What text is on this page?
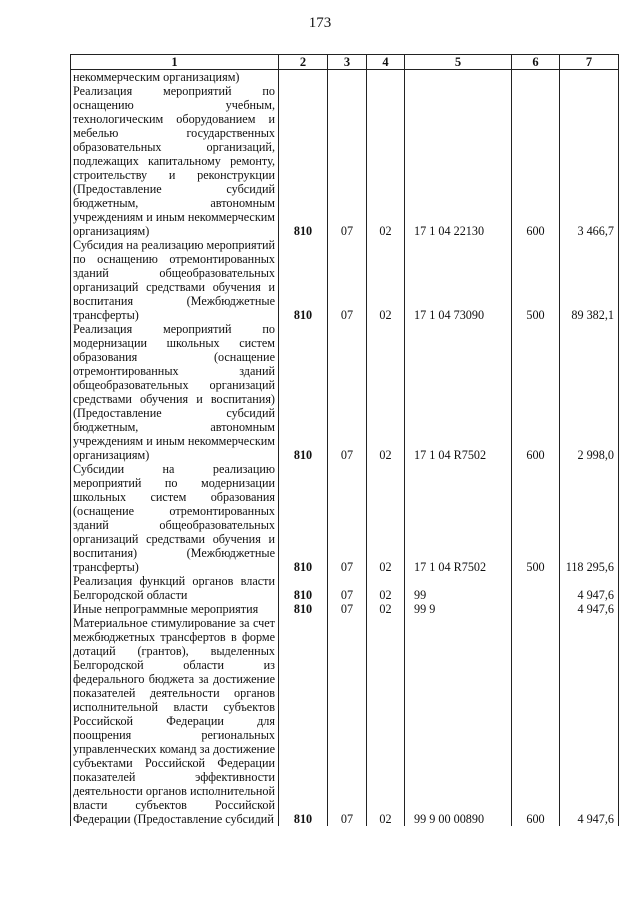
173
1	2	3	4	5	6	7
некоммерческим организациям)						
Реализация мероприятий по оснащению учебным, технологическим оборудованием и мебелью государственных образовательных организаций, подлежащих капитальному ремонту, строительству и реконструкции (Предоставление субсидий бюджетным, автономным учреждениям и иным некоммерческим организациям)	810	07	02	17 1 04 22130	600	3 466,7
Субсидия на реализацию мероприятий по оснащению отремонтированных зданий общеобразовательных организаций средствами обучения и воспитания (Межбюджетные трансферты)	810	07	02	17 1 04 73090	500	89 382,1
Реализация мероприятий по модернизации школьных систем образования (оснащение отремонтированных зданий общеобразовательных организаций средствами обучения и воспитания) (Предоставление субсидий бюджетным, автономным учреждениям и иным некоммерческим организациям)	810	07	02	17 1 04 R7502	600	2 998,0
Субсидии на реализацию мероприятий по модернизации школьных систем образования (оснащение отремонтированных зданий общеобразовательных организаций средствами обучения и воспитания) (Межбюджетные трансферты)	810	07	02	17 1 04 R7502	500	118 295,6
Реализация функций органов власти Белгородской области	810	07	02	99		4 947,6
Иные непрограммные мероприятия	810	07	02	99 9		4 947,6
Материальное стимулирование за счет межбюджетных трансфертов в форме дотаций (грантов), выделенных Белгородской области из федерального бюджета за достижение показателей деятельности органов исполнительной власти субъектов Российской Федерации для поощрения региональных управленческих команд за достижение субъектами Российской Федерации показателей эффективности деятельности органов исполнительной власти субъектов Российской Федерации (Предоставление субсидий	810	07	02	99 9 00 00890	600	4 947,6
